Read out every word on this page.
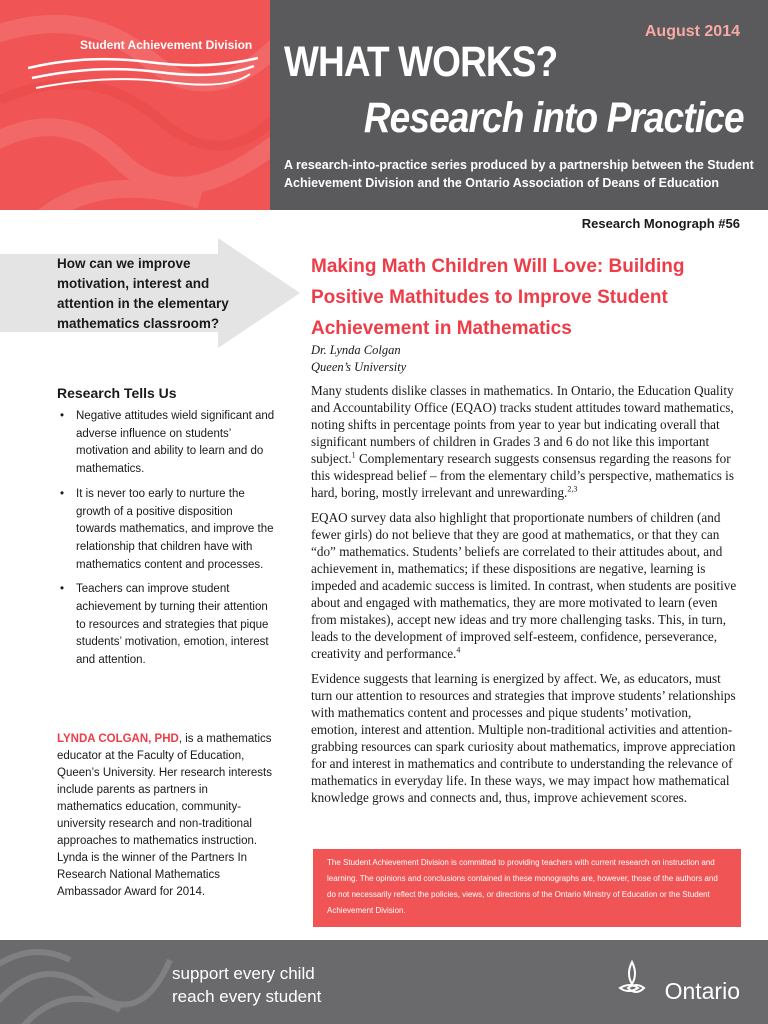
Student Achievement Division
August 2014
WHAT WORKS?
Research into Practice
A research-into-practice series produced by a partnership between the Student Achievement Division and the Ontario Association of Deans of Education
Research Monograph #56
How can we improve motivation, interest and attention in the elementary mathematics classroom?
Research Tells Us
• Negative attitudes wield significant and adverse influence on students’ motivation and ability to learn and do mathematics.
• It is never too early to nurture the growth of a positive disposition towards mathematics, and improve the relationship that children have with mathematics content and processes.
• Teachers can improve student achievement by turning their attention to resources and strategies that pique students’ motivation, emotion, interest and attention.
LYNDA COLGAN, PHD, is a mathematics educator at the Faculty of Education, Queen’s University. Her research interests include parents as partners in mathematics education, community-university research and non-traditional approaches to mathematics instruction. Lynda is the winner of the Partners In Research National Mathematics Ambassador Award for 2014.
Making Math Children Will Love: Building Positive Mathitudes to Improve Student Achievement in Mathematics
Dr. Lynda Colgan
Queen’s University

Many students dislike classes in mathematics. In Ontario, the Education Quality and Accountability Office (EQAO) tracks student attitudes toward mathematics, noting shifts in percentage points from year to year but indicating overall that significant numbers of children in Grades 3 and 6 do not like this important subject.$^1$ Complementary research suggests consensus regarding the reasons for this widespread belief – from the elementary child’s perspective, mathematics is hard, boring, mostly irrelevant and unrewarding.$^{2,3}$

EQAO survey data also highlight that proportionate numbers of children (and fewer girls) do not believe that they are good at mathematics, or that they can “do” mathematics. Students’ beliefs are correlated to their attitudes about, and achievement in, mathematics; if these dispositions are negative, learning is impeded and academic success is limited. In contrast, when students are positive about and engaged with mathematics, they are more motivated to learn (even from mistakes), accept new ideas and try more challenging tasks. This, in turn, leads to the development of improved self-esteem, confidence, perseverance, creativity and performance.$^4$

Evidence suggests that learning is energized by affect. We, as educators, must turn our attention to resources and strategies that improve students’ relationships with mathematics content and processes and pique students’ motivation, emotion, interest and attention. Multiple non-traditional activities and attention-grabbing resources can spark curiosity about mathematics, improve appreciation for and interest in mathematics and contribute to understanding the relevance of mathematics in everyday life. In these ways, we may impact how mathematical knowledge grows and connects and, thus, improve achievement scores.

The Student Achievement Division is committed to providing teachers with current research on instruction and learning. The opinions and conclusions contained in these monographs are, however, those of the authors and do not necessarily reflect the policies, views, or directions of the Ontario Ministry of Education or the Student Achievement Division.
support every child
reach every student	Ontario
